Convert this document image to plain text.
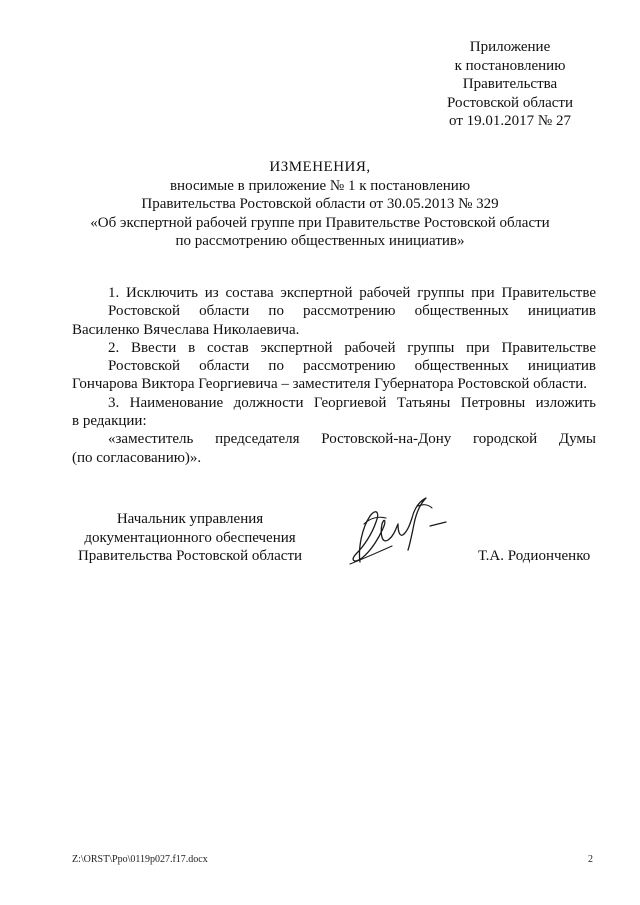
Приложение
к постановлению
Правительства
Ростовской области
от 19.01.2017 № 27
ИЗМЕНЕНИЯ,
вносимые в приложение № 1 к постановлению
Правительства Ростовской области от 30.05.2013 № 329
«Об экспертной рабочей группе при Правительстве Ростовской области
по рассмотрению общественных инициатив»
1. Исключить из состава экспертной рабочей группы при Правительстве
Ростовской области по рассмотрению общественных инициатив
Василенко Вячеслава Николаевича.
2. Ввести в состав экспертной рабочей группы при Правительстве
Ростовской области по рассмотрению общественных инициатив
Гончарова Виктора Георгиевича – заместителя Губернатора Ростовской области.
3. Наименование должности Георгиевой Татьяны Петровны изложить
в редакции:
«заместитель председателя Ростовской-на-Дону городской Думы
(по согласованию)».
Начальник управления
документационного обеспечения
Правительства Ростовской области	Т.А. Родионченко
Z:\ORST\Ppo\0119p027.f17.docx	2
